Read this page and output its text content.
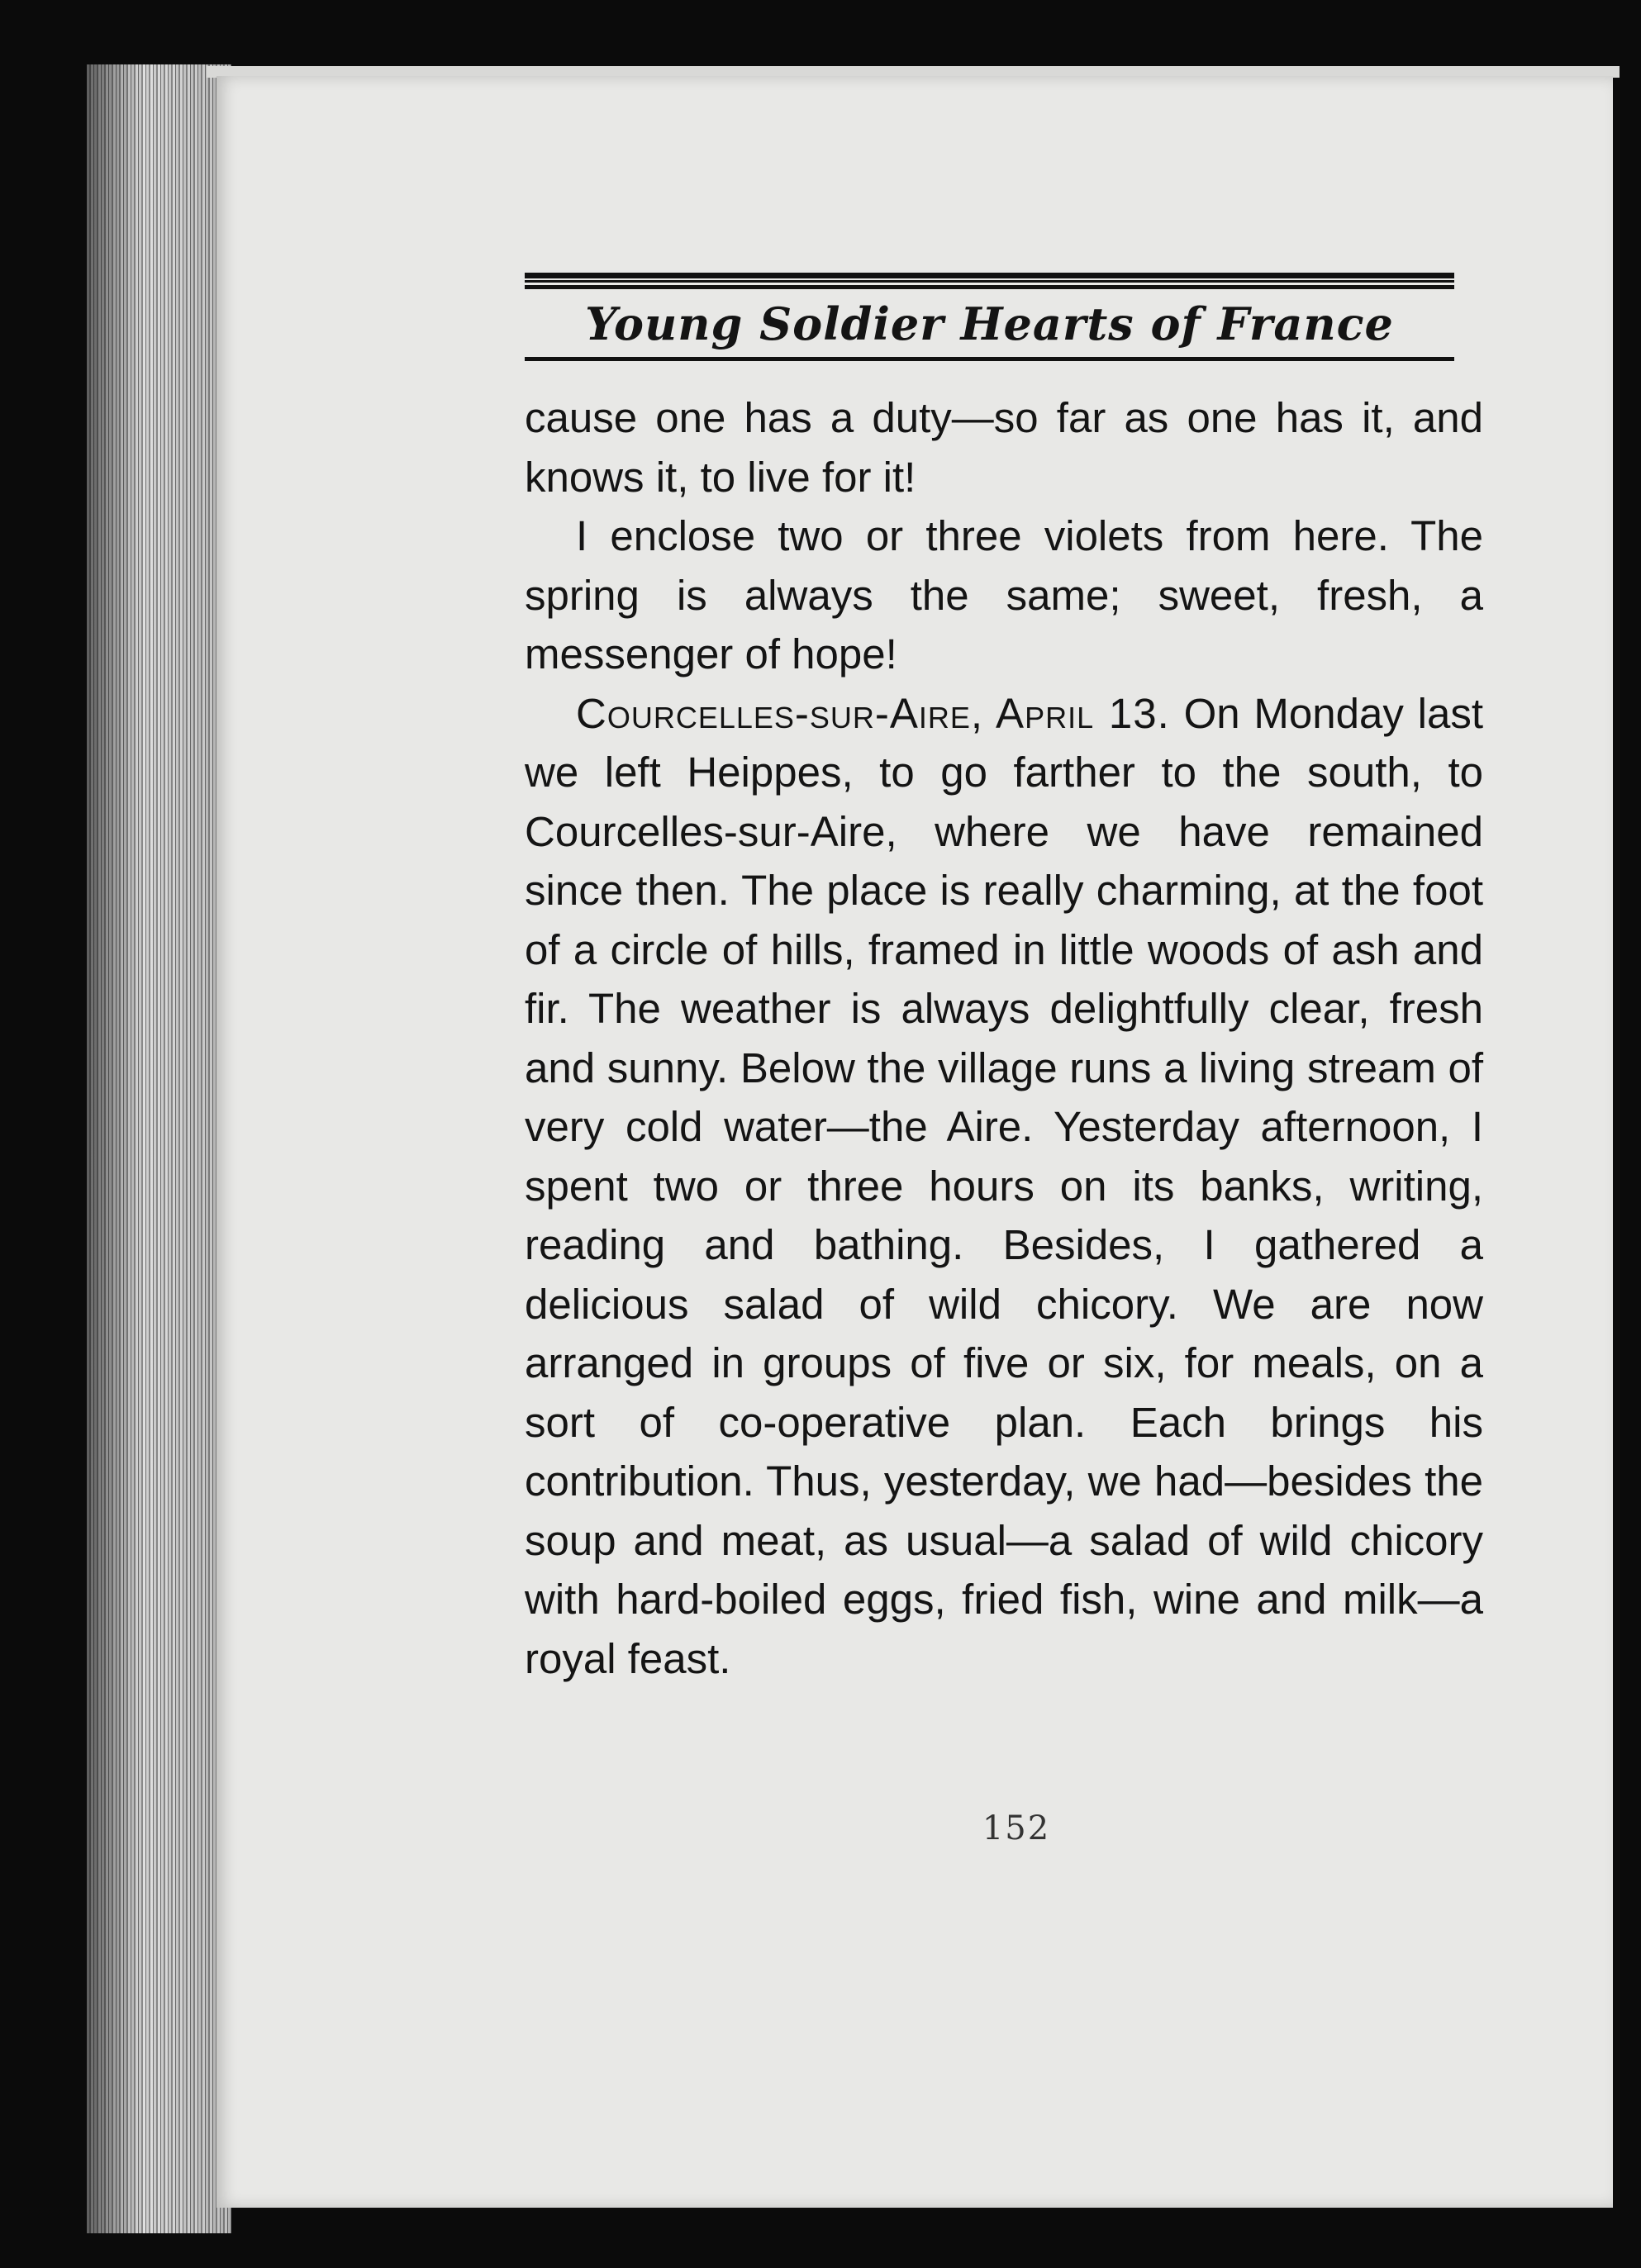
Young Soldier Hearts of France

cause one has a duty—so far as one has it, and knows it, to live for it!

I enclose two or three violets from here. The spring is always the same; sweet, fresh, a messenger of hope!

Courcelles-sur-Aire, April 13. On Monday last we left Heippes, to go farther to the south, to Courcelles-sur-Aire, where we have remained since then. The place is really charming, at the foot of a circle of hills, framed in little woods of ash and fir. The weather is always delightfully clear, fresh and sunny. Below the village runs a living stream of very cold water—the Aire. Yesterday afternoon, I spent two or three hours on its banks, writing, reading and bathing. Besides, I gathered a delicious salad of wild chicory. We are now arranged in groups of five or six, for meals, on a sort of co-operative plan. Each brings his contribution. Thus, yesterday, we had—besides the soup and meat, as usual—a salad of wild chicory with hard-boiled eggs, fried fish, wine and milk—a royal feast.

152
